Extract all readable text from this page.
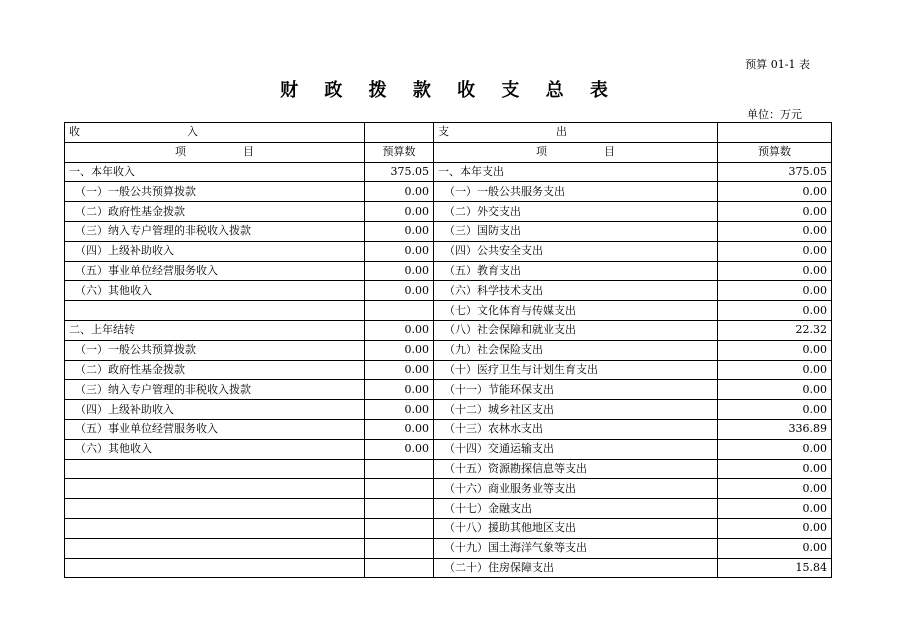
预算 01-1 表
财 政 拨 款 收 支 总 表
单位：万元
收 入		支 出	
项 目	预算数	项 目	预算数
一、本年收入	375.05	一、本年支出	375.05
（一）一般公共预算拨款	0.00	（一）一般公共服务支出	0.00
（二）政府性基金拨款	0.00	（二）外交支出	0.00
（三）纳入专户管理的非税收入拨款	0.00	（三）国防支出	0.00
（四）上级补助收入	0.00	（四）公共安全支出	0.00
（五）事业单位经营服务收入	0.00	（五）教育支出	0.00
（六）其他收入	0.00	（六）科学技术支出	0.00
		（七）文化体育与传媒支出	0.00
二、上年结转	0.00	（八）社会保障和就业支出	22.32
（一）一般公共预算拨款	0.00	（九）社会保险支出	0.00
（二）政府性基金拨款	0.00	（十）医疗卫生与计划生育支出	0.00
（三）纳入专户管理的非税收入拨款	0.00	（十一）节能环保支出	0.00
（四）上级补助收入	0.00	（十二）城乡社区支出	0.00
（五）事业单位经营服务收入	0.00	（十三）农林水支出	336.89
（六）其他收入	0.00	（十四）交通运输支出	0.00
		（十五）资源勘探信息等支出	0.00
		（十六）商业服务业等支出	0.00
		（十七）金融支出	0.00
		（十八）援助其他地区支出	0.00
		（十九）国土海洋气象等支出	0.00
		（二十）住房保障支出	15.84
